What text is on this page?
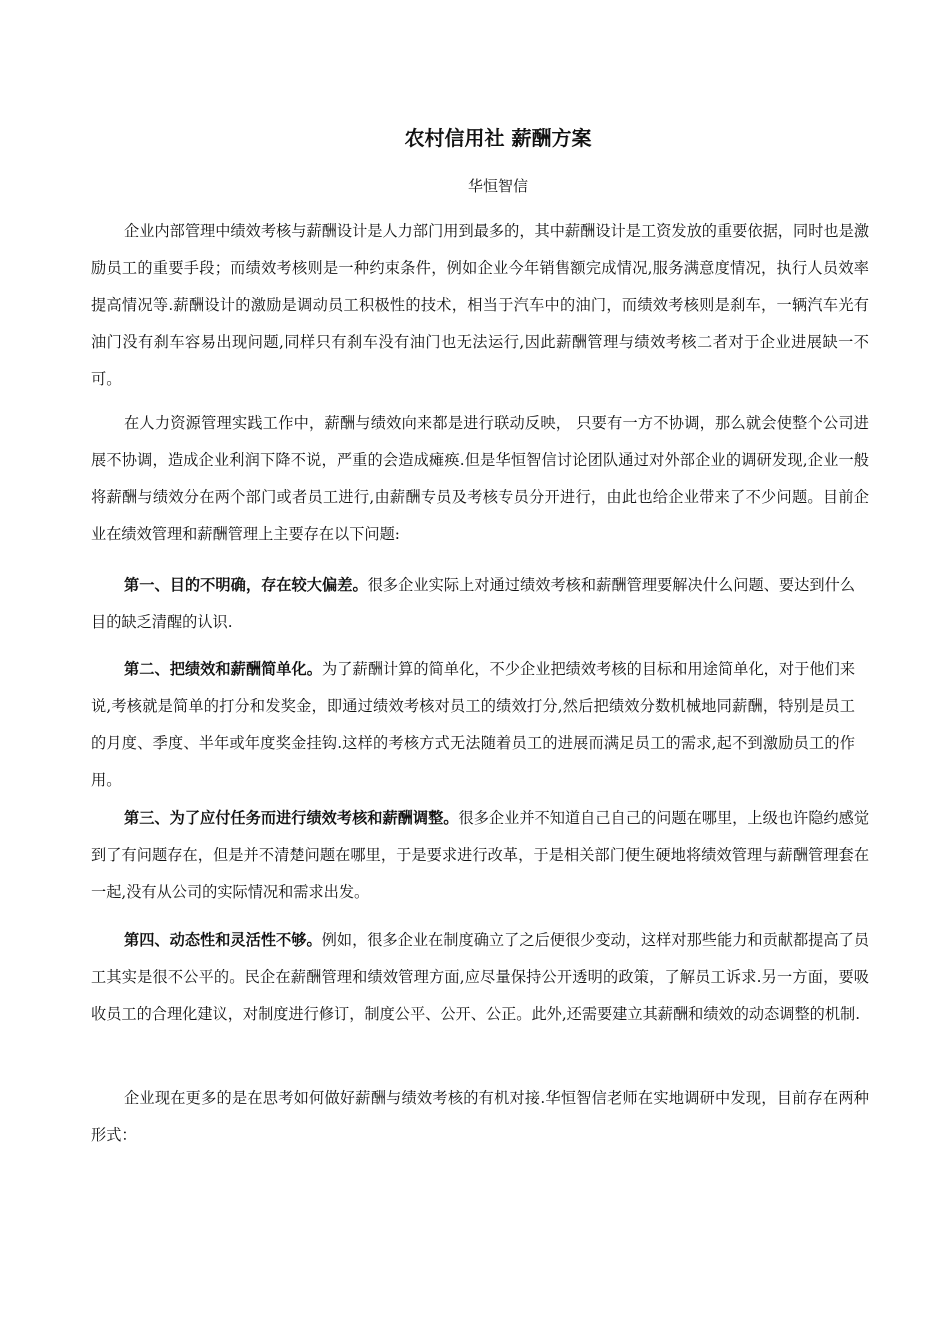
农村信用社 薪酬方案
华恒智信

企业内部管理中绩效考核与薪酬设计是人力部门用到最多的，其中薪酬设计是工资发放的重要依据，同时也是激励员工的重要手段；而绩效考核则是一种约束条件，例如企业今年销售额完成情况,服务满意度情况，执行人员效率提高情况等.薪酬设计的激励是调动员工积极性的技术，相当于汽车中的油门，而绩效考核则是刹车，一辆汽车光有油门没有刹车容易出现问题,同样只有刹车没有油门也无法运行,因此薪酬管理与绩效考核二者对于企业进展缺一不可。

在人力资源管理实践工作中，薪酬与绩效向来都是进行联动反映， 只要有一方不协调，那么就会使整个公司进展不协调，造成企业利润下降不说，严重的会造成瘫痪.但是华恒智信讨论团队通过对外部企业的调研发现,企业一般将薪酬与绩效分在两个部门或者员工进行,由薪酬专员及考核专员分开进行，由此也给企业带来了不少问题。目前企业在绩效管理和薪酬管理上主要存在以下问题:

第一、目的不明确，存在较大偏差。很多企业实际上对通过绩效考核和薪酬管理要解决什么问题、要达到什么目的缺乏清醒的认识.

第二、把绩效和薪酬简单化。为了薪酬计算的简单化，不少企业把绩效考核的目标和用途简单化，对于他们来说,考核就是简单的打分和发奖金，即通过绩效考核对员工的绩效打分,然后把绩效分数机械地同薪酬，特别是员工的月度、季度、半年或年度奖金挂钩.这样的考核方式无法随着员工的进展而满足员工的需求,起不到激励员工的作用。

第三、为了应付任务而进行绩效考核和薪酬调整。很多企业并不知道自己自己的问题在哪里，上级也许隐约感觉到了有问题存在，但是并不清楚问题在哪里，于是要求进行改革，于是相关部门便生硬地将绩效管理与薪酬管理套在一起,没有从公司的实际情况和需求出发。

第四、动态性和灵活性不够。例如，很多企业在制度确立了之后便很少变动，这样对那些能力和贡献都提高了员工其实是很不公平的。民企在薪酬管理和绩效管理方面,应尽量保持公开透明的政策，了解员工诉求.另一方面，要吸收员工的合理化建议，对制度进行修订，制度公平、公开、公正。此外,还需要建立其薪酬和绩效的动态调整的机制.

企业现在更多的是在思考如何做好薪酬与绩效考核的有机对接.华恒智信老师在实地调研中发现，目前存在两种形式：
